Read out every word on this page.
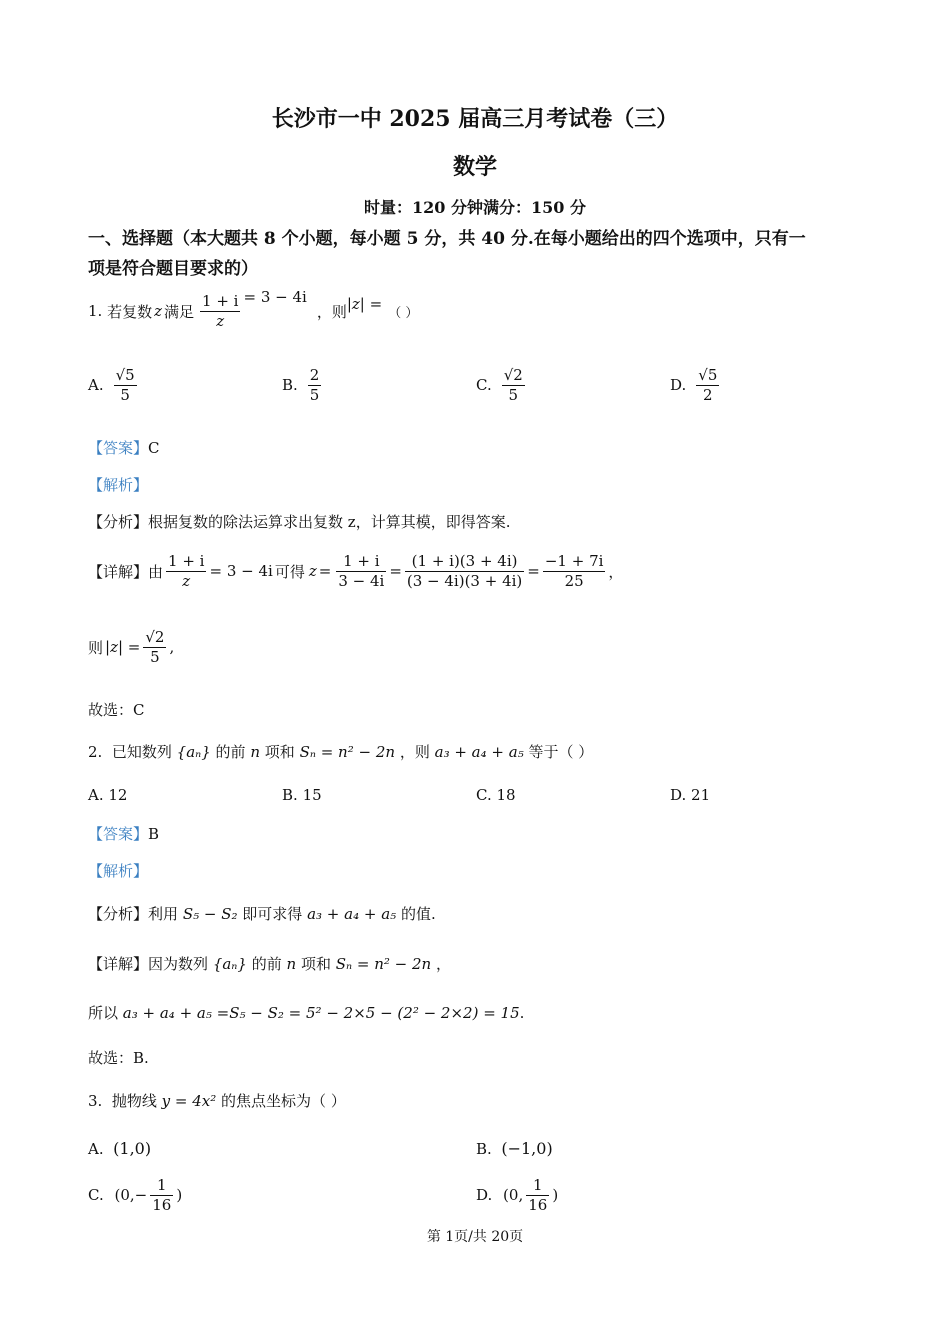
长沙市一中 2025 届高三月考试卷（三）
数学
时量：120 分钟满分：150 分
一、选择题（本大题共 8 个小题，每小题 5 分，共 40 分.在每小题给出的四个选项中，只有一
项是符合题目要求的）
1.
若复数 z 满足 $\frac{1 + i}{z} = 3 - 4i$
，则 |z| = （ ）
A. $\frac{√5}{5}$	B. $\frac{2}{5}$	C. $\frac{√2}{5}$	D. $\frac{√5}{2}$
【答案】C
【解析】
【分析】根据复数的除法运算求出复数 z，计算其模，即得答案.
【详解】 由 $\frac{1 + i}{z} = 3 - 4i$ 可得 $z = \frac{1 + i}{3 - 4i} = \frac{(1 + i)(3 + 4i)}{(3 - 4i)(3 + 4i)} = \frac{-1 + 7i}{25}$ ，
则 $|z| = \frac{√2}{5}$ ,
故选：C
2. 已知数列 {aₙ} 的前 n 项和 Sₙ = n² − 2n ，则 a₃ + a₄ + a₅ 等于（ ）
A. 12	B. 15	C. 18	D. 21
【答案】B
【解析】
【分析】利用 S₅ − S₂ 即可求得 a₃ + a₄ + a₅ 的值.
【详解】因为数列 {aₙ} 的前 n 项和 Sₙ = n² − 2n ，
所以 a₃ + a₄ + a₅ =S₅ − S₂ = 5² − 2×5 − (2² − 2×2) = 15.
故选：B.
3. 抛物线 y = 4x² 的焦点坐标为（ ）
A. (1,0)	B. (−1,0)
C.
($0,- \frac{1}{16}$ )	D.
(0, $\frac{1}{16}$ )
第 1页/共 20页
